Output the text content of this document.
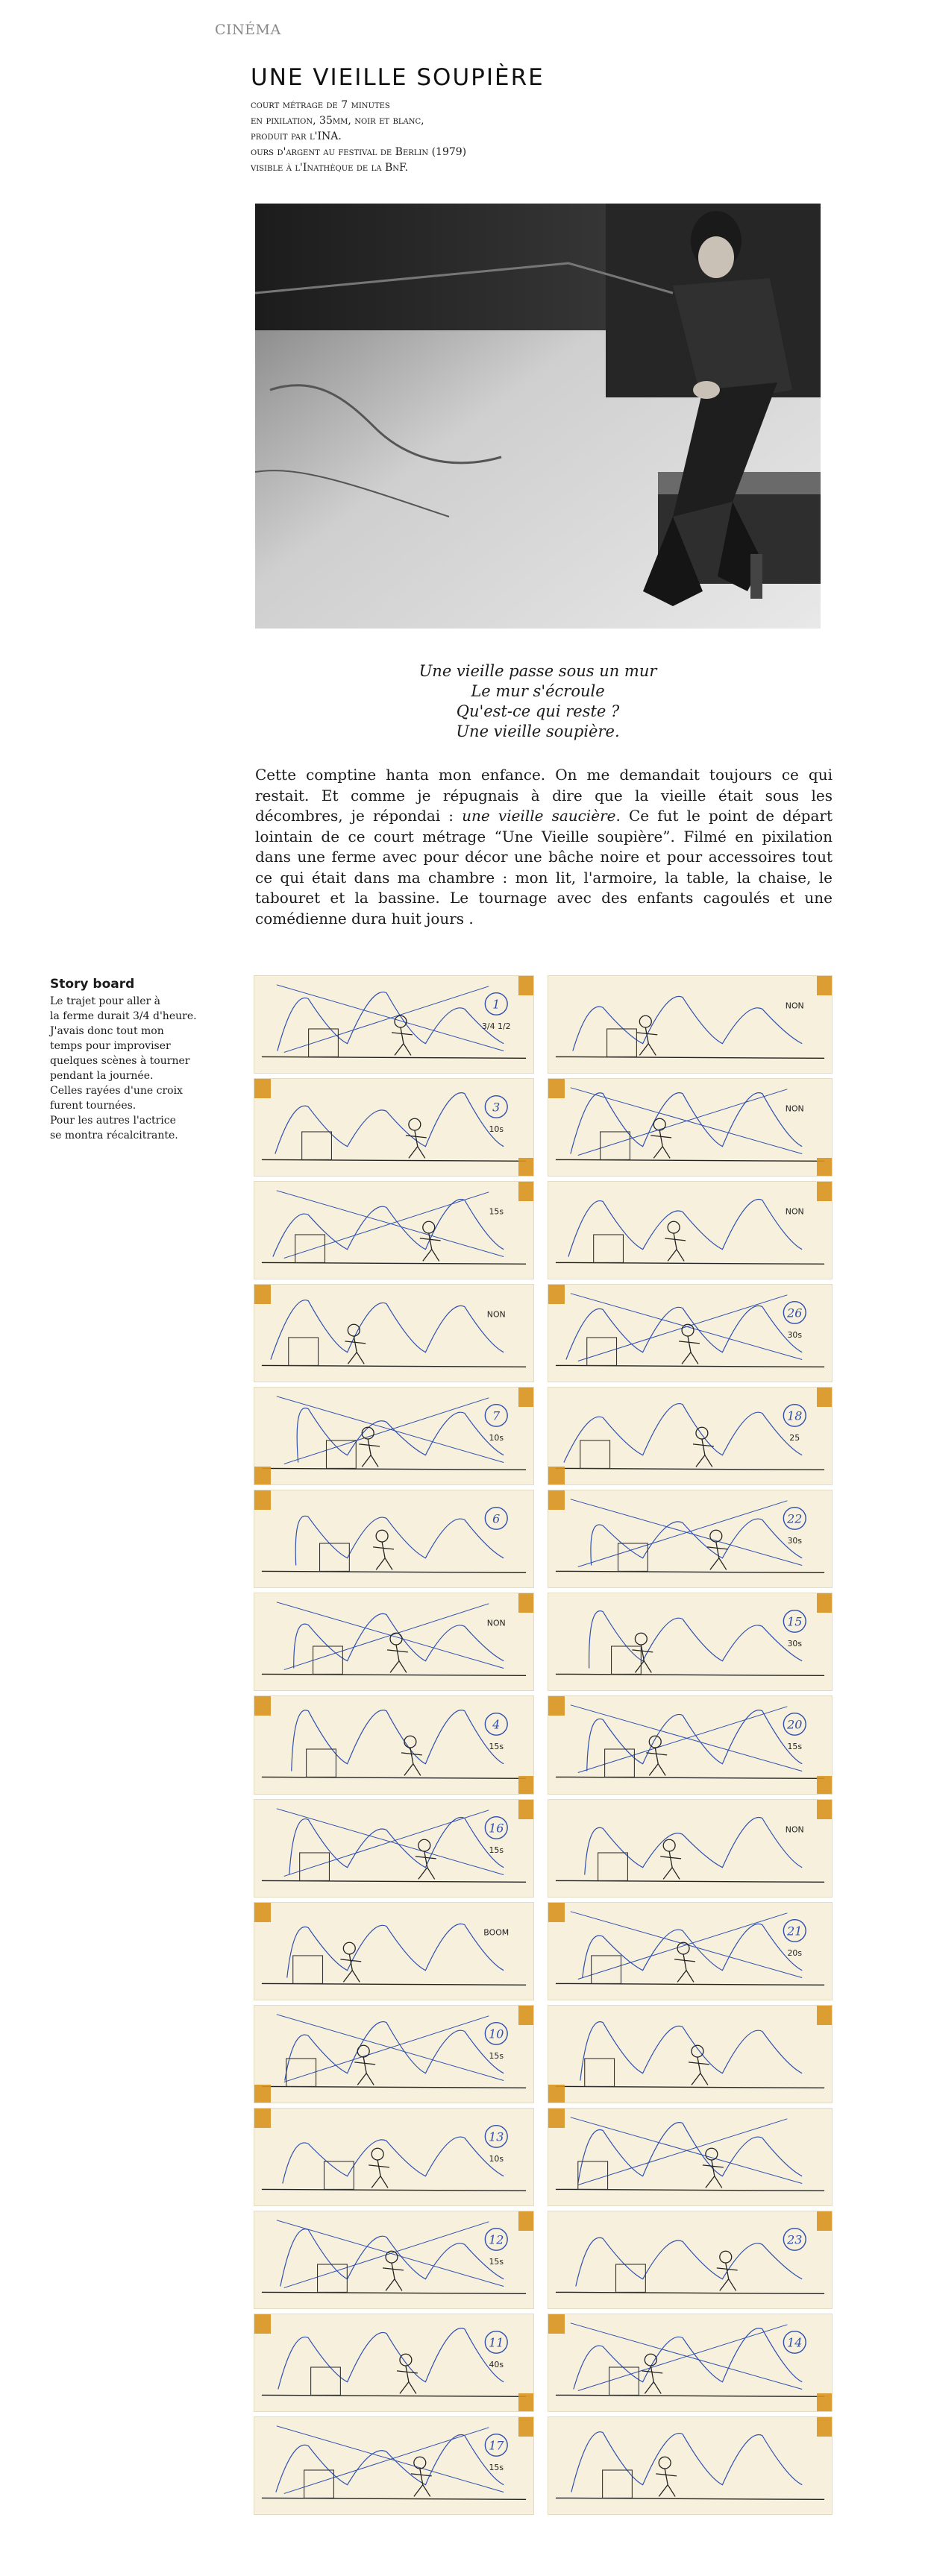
CINÉMA

UNE VIEILLE SOUPIÈRE
court métrage de 7 minutes
en pixilation, 35mm, noir et blanc,
produit par l'INA.
ours d'argent au festival de Berlin (1979)
visible à l'Inathèque de la BnF.
Une vieille passe sous un mur
Le mur s'écroule
Qu'est-ce qui reste ?
Une vieille soupière.

Cette comptine hanta mon enfance. On me demandait toujours ce qui restait. Et comme je répugnais à dire que la vieille était sous les décombres, je répondai : une vieille saucière. Ce fut le point de départ lointain de ce court métrage “Une Vieille soupière”. Filmé en pixilation dans une ferme avec pour décor une bâche noire et pour accessoires tout ce qui était dans ma chambre : mon lit, l'armoire, la table, la chaise, le tabouret et la bassine. Le tournage avec des enfants cagoulés et une comédienne dura huit jours .

Story board
Le trajet pour aller à
la ferme durait 3/4 d'heure.
J'avais donc tout mon
temps pour improviser
quelques scènes à tourner
pendant la journée.
Celles rayées d'une croix
furent tournées.
Pour les autres l'actrice
se montra récalcitrante.
1
3/4 1/2
3
10s
15s
NON
7
10s
6
NON
4
15s
16
15s
BOOM
10
15s
13
10s
12
15s
11
40s
17
15s
NON
NON
NON
26
30s
18
25
22
30s
15
30s
20
15s
NON
21
20s
23
14
